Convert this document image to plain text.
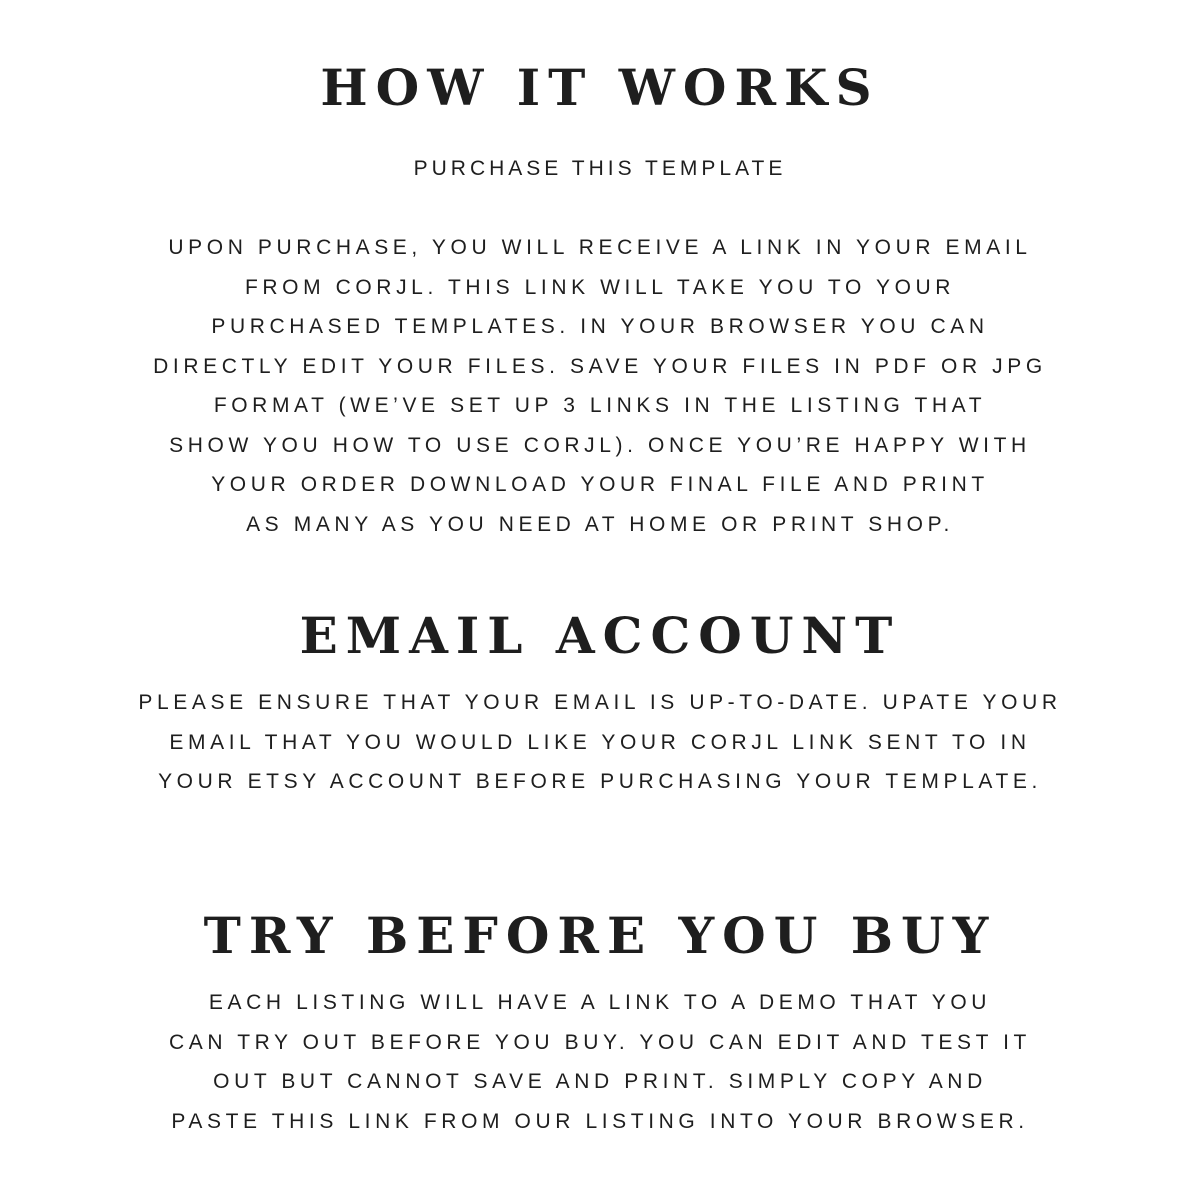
HOW IT WORKS

PURCHASE THIS TEMPLATE

UPON PURCHASE, YOU WILL RECEIVE A LINK IN YOUR EMAIL
FROM CORJL. THIS LINK WILL TAKE YOU TO YOUR
PURCHASED TEMPLATES. IN YOUR BROWSER YOU CAN
DIRECTLY EDIT YOUR FILES. SAVE YOUR FILES IN PDF OR JPG
FORMAT (WE’VE SET UP 3 LINKS IN THE LISTING THAT
SHOW YOU HOW TO USE CORJL). ONCE YOU’RE HAPPY WITH
YOUR ORDER DOWNLOAD YOUR FINAL FILE AND PRINT
AS MANY AS YOU NEED AT HOME OR PRINT SHOP.
EMAIL ACCOUNT
PLEASE ENSURE THAT YOUR EMAIL IS UP-TO-DATE. UPATE YOUR
EMAIL THAT YOU WOULD LIKE YOUR CORJL LINK SENT TO IN
YOUR ETSY ACCOUNT BEFORE PURCHASING YOUR TEMPLATE.
TRY BEFORE YOU BUY
EACH LISTING WILL HAVE A LINK TO A DEMO THAT YOU
CAN TRY OUT BEFORE YOU BUY. YOU CAN EDIT AND TEST IT
OUT BUT CANNOT SAVE AND PRINT. SIMPLY COPY AND
PASTE THIS LINK FROM OUR LISTING INTO YOUR BROWSER.
